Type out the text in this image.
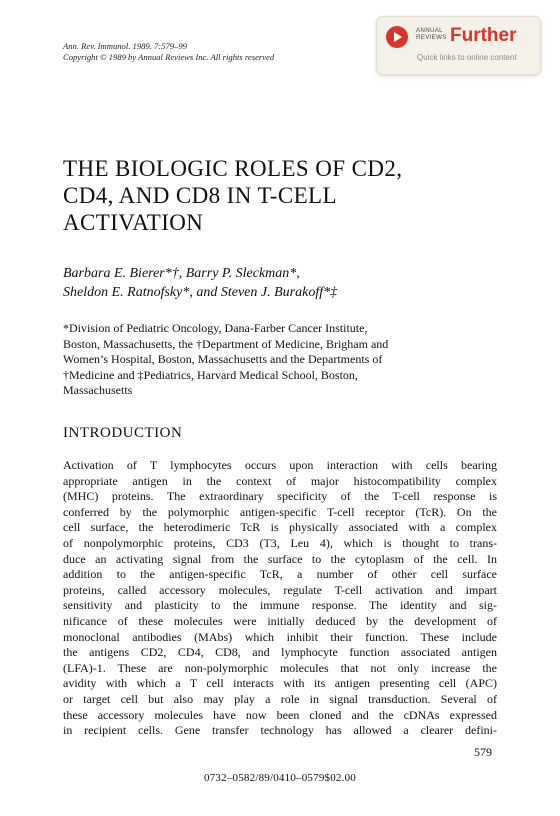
Ann. Rev. Immunol. 1989. 7:579–99
Copyright © 1989 by Annual Reviews Inc. All rights reserved
ANNUAL
REVIEWS Further
Quick links to online content
THE BIOLOGIC ROLES OF CD2,
CD4, AND CD8 IN T-CELL
ACTIVATION
Barbara E. Bierer*†, Barry P. Sleckman*,
Sheldon E. Ratnofsky*, and Steven J. Burakoff*‡
*Division of Pediatric Oncology, Dana-Farber Cancer Institute,
Boston, Massachusetts, the †Department of Medicine, Brigham and
Women’s Hospital, Boston, Massachusetts and the Departments of
†Medicine and ‡Pediatrics, Harvard Medical School, Boston,
Massachusetts
INTRODUCTION
Activation of T lymphocytes occurs upon interaction with cells bearing
appropriate antigen in the context of major histocompatibility complex
(MHC) proteins. The extraordinary specificity of the T-cell response is
conferred by the polymorphic antigen-specific T-cell receptor (TcR). On the
cell surface, the heterodimeric TcR is physically associated with a complex
of nonpolymorphic proteins, CD3 (T3, Leu 4), which is thought to trans-
duce an activating signal from the surface to the cytoplasm of the cell. In
addition to the antigen-specific TcR, a number of other cell surface
proteins, called accessory molecules, regulate T-cell activation and impart
sensitivity and plasticity to the immune response. The identity and sig-
nificance of these molecules were initially deduced by the development of
monoclonal antibodies (MAbs) which inhibit their function. These include
the antigens CD2, CD4, CD8, and lymphocyte function associated antigen
(LFA)-1. These are non-polymorphic molecules that not only increase the
avidity with which a T cell interacts with its antigen presenting cell (APC)
or target cell but also may play a role in signal transduction. Several of
these accessory molecules have now been cloned and the cDNAs expressed
in recipient cells. Gene transfer technology has allowed a clearer defini-
579
0732–0582/89/0410–0579$02.00
